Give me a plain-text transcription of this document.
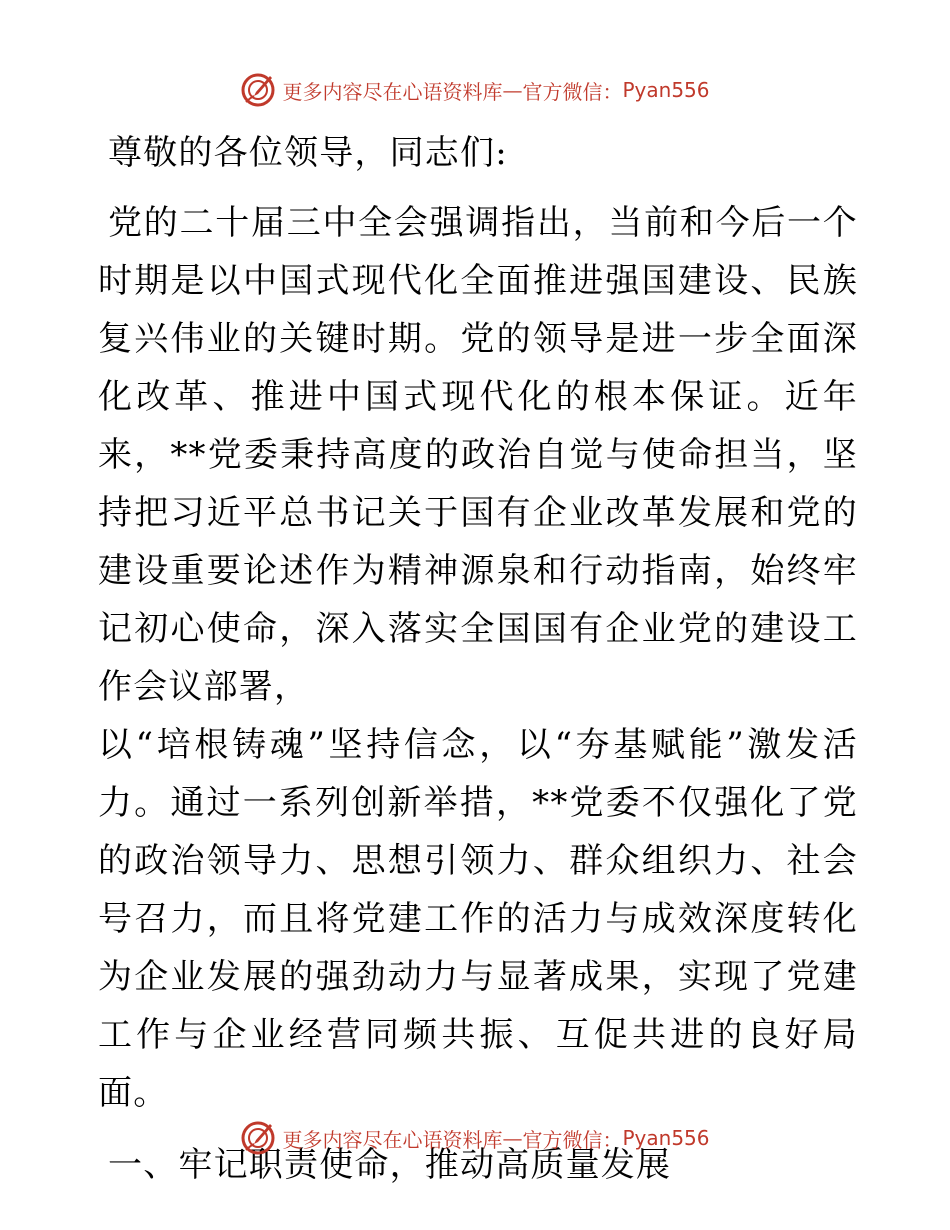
更多内容尽在心语资料库 — 官方微信： Pyan556

尊敬的各位领导，同志们:

党的二十届三中全会强调指出，当前和今后一个时期是以中国式现代化全面推进强国建设、民族复兴伟业的关键时期。党的领导是进一步全面深化改革、推进中国式现代化的根本保证。近年来，**党委秉持高度的政治自觉与使命担当，坚持把习近平总书记关于国有企业改革发展和党的建设重要论述作为精神源泉和行动指南，始终牢记初心使命，深入落实全国国有企业党的建设工作会议部署，

以“培根铸魂”坚持信念，以“夯基赋能”激发活力。通过一系列创新举措，**党委不仅强化了党的政治领导力、思想引领力、群众组织力、社会号召力，而且将党建工作的活力与成效深度转化为企业发展的强劲动力与显著成果，实现了党建工作与企业经营同频共振、互促共进的良好局面。

一、牢记职责使命，推动高质量发展

更多内容尽在心语资料库 — 官方微信： Pyan556
